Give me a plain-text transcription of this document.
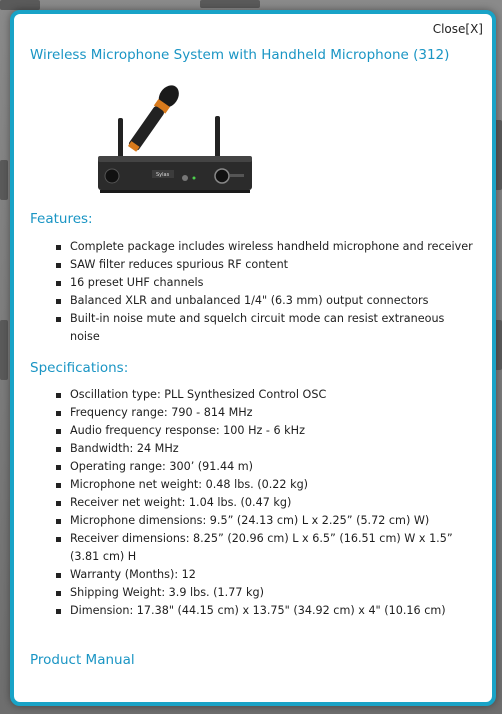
Close[X]
Wireless Microphone System with Handheld Microphone (312)
Sylas
Features:
Complete package includes wireless handheld microphone and receiver
SAW filter reduces spurious RF content
16 preset UHF channels
Balanced XLR and unbalanced 1/4" (6.3 mm) output connectors
Built-in noise mute and squelch circuit mode can resist extraneous noise
Specifications:
Oscillation type: PLL Synthesized Control OSC
Frequency range: 790 - 814 MHz
Audio frequency response: 100 Hz - 6 kHz
Bandwidth: 24 MHz
Operating range: 300’ (91.44 m)
Microphone net weight: 0.48 lbs. (0.22 kg)
Receiver net weight: 1.04 lbs. (0.47 kg)
Microphone dimensions: 9.5” (24.13 cm) L x 2.25” (5.72 cm) W)
Receiver dimensions: 8.25” (20.96 cm) L x 6.5” (16.51 cm) W x 1.5” (3.81 cm) H
Warranty (Months): 12
Shipping Weight: 3.9 lbs. (1.77 kg)
Dimension: 17.38" (44.15 cm) x 13.75" (34.92 cm) x 4" (10.16 cm)
Product Manual
